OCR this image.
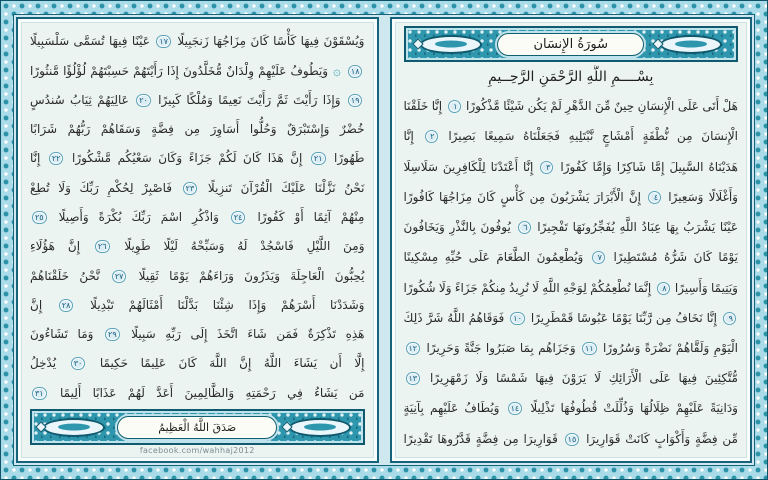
وَيُسْقَوْنَ فِيهَا كَأْسًا كَانَ مِزَاجُهَا زَنجَبِيلًا ١٧ عَيْنًا فِيهَا تُسَمَّى سَلْسَبِيلًا
١٨ ۞ وَيَطُوفُ عَلَيْهِمْ وِلْدَانٌ مُّخَلَّدُونَ إِذَا رَأَيْتَهُمْ حَسِبْتَهُمْ لُؤْلُؤًا مَّنثُورًا
١٩ وَإِذَا رَأَيْتَ ثَمَّ رَأَيْتَ نَعِيمًا وَمُلْكًا كَبِيرًا ٢٠ عَالِيَهُمْ ثِيَابُ سُندُسٍ
خُضْرٌ وَإِسْتَبْرَقٌ وَحُلُّوا أَسَاوِرَ مِن فِضَّةٍ وَسَقَاهُمْ رَبُّهُمْ شَرَابًا
طَهُورًا ٢١ إِنَّ هَذَا كَانَ لَكُمْ جَزَاءً وَكَانَ سَعْيُكُم مَّشْكُورًا ٢٢ إِنَّا
نَحْنُ نَزَّلْنَا عَلَيْكَ الْقُرْآنَ تَنزِيلًا ٢٣ فَاصْبِرْ لِحُكْمِ رَبِّكَ وَلَا تُطِعْ
مِنْهُمْ آثِمًا أَوْ كَفُورًا ٢٤ وَاذْكُرِ اسْمَ رَبِّكَ بُكْرَةً وَأَصِيلًا ٢٥
وَمِنَ اللَّيْلِ فَاسْجُدْ لَهُ وَسَبِّحْهُ لَيْلًا طَوِيلًا ٢٦ إِنَّ هَؤُلَاءِ
يُحِبُّونَ الْعَاجِلَةَ وَيَذَرُونَ وَرَاءَهُمْ يَوْمًا ثَقِيلًا ٢٧ نَّحْنُ خَلَقْنَاهُمْ
وَشَدَدْنَا أَسْرَهُمْ وَإِذَا شِئْنَا بَدَّلْنَا أَمْثَالَهُمْ تَبْدِيلًا ٢٨ إِنَّ
هَذِهِ تَذْكِرَةٌ فَمَن شَاءَ اتَّخَذَ إِلَى رَبِّهِ سَبِيلًا ٢٩ وَمَا تَشَاءُونَ
إِلَّا أَن يَشَاءَ اللَّهُ إِنَّ اللَّهَ كَانَ عَلِيمًا حَكِيمًا ٣٠ يُدْخِلُ
مَن يَشَاءُ فِي رَحْمَتِهِ وَالظَّالِمِينَ أَعَدَّ لَهُمْ عَذَابًا أَلِيمًا ٣١
صَدَقَ اللَّهُ الْعَظِيمُ
facebook.com/wahhaj2012
سُورَةُ الإِنسَان
بِسْــــمِ اللَّهِ الرَّحْمَنِ الرَّحِــيمِ
هَلْ أَتَى عَلَى الْإِنسَانِ حِينٌ مِّنَ الدَّهْرِ لَمْ يَكُن شَيْئًا مَّذْكُورًا ١ إِنَّا خَلَقْنَا
الْإِنسَانَ مِن نُّطْفَةٍ أَمْشَاجٍ نَّبْتَلِيهِ فَجَعَلْنَاهُ سَمِيعًا بَصِيرًا ٢ إِنَّا
هَدَيْنَاهُ السَّبِيلَ إِمَّا شَاكِرًا وَإِمَّا كَفُورًا ٣ إِنَّا أَعْتَدْنَا لِلْكَافِرِينَ سَلَاسِلَا
وَأَغْلَالًا وَسَعِيرًا ٤ إِنَّ الْأَبْرَارَ يَشْرَبُونَ مِن كَأْسٍ كَانَ مِزَاجُهَا كَافُورًا
عَيْنًا يَشْرَبُ بِهَا عِبَادُ اللَّهِ يُفَجِّرُونَهَا تَفْجِيرًا ٦ يُوفُونَ بِالنَّذْرِ وَيَخَافُونَ
يَوْمًا كَانَ شَرُّهُ مُسْتَطِيرًا ٧ وَيُطْعِمُونَ الطَّعَامَ عَلَى حُبِّهِ مِسْكِينًا
وَيَتِيمًا وَأَسِيرًا ٨ إِنَّمَا نُطْعِمُكُمْ لِوَجْهِ اللَّهِ لَا نُرِيدُ مِنكُمْ جَزَاءً وَلَا شُكُورًا
٩ إِنَّا نَخَافُ مِن رَّبِّنَا يَوْمًا عَبُوسًا قَمْطَرِيرًا ١٠ فَوَقَاهُمُ اللَّهُ شَرَّ ذَلِكَ
الْيَوْمِ وَلَقَّاهُمْ نَضْرَةً وَسُرُورًا ١١ وَجَزَاهُم بِمَا صَبَرُوا جَنَّةً وَحَرِيرًا ١٢
مُّتَّكِئِينَ فِيهَا عَلَى الْأَرَائِكِ لَا يَرَوْنَ فِيهَا شَمْسًا وَلَا زَمْهَرِيرًا ١٣
وَدَانِيَةً عَلَيْهِمْ ظِلَالُهَا وَذُلِّلَتْ قُطُوفُهَا تَذْلِيلًا ١٤ وَيُطَافُ عَلَيْهِم بِآنِيَةٍ
مِّن فِضَّةٍ وَأَكْوَابٍ كَانَتْ قَوَارِيرَا ١٥ قَوَارِيرَا مِن فِضَّةٍ قَدَّرُوهَا تَقْدِيرًا
